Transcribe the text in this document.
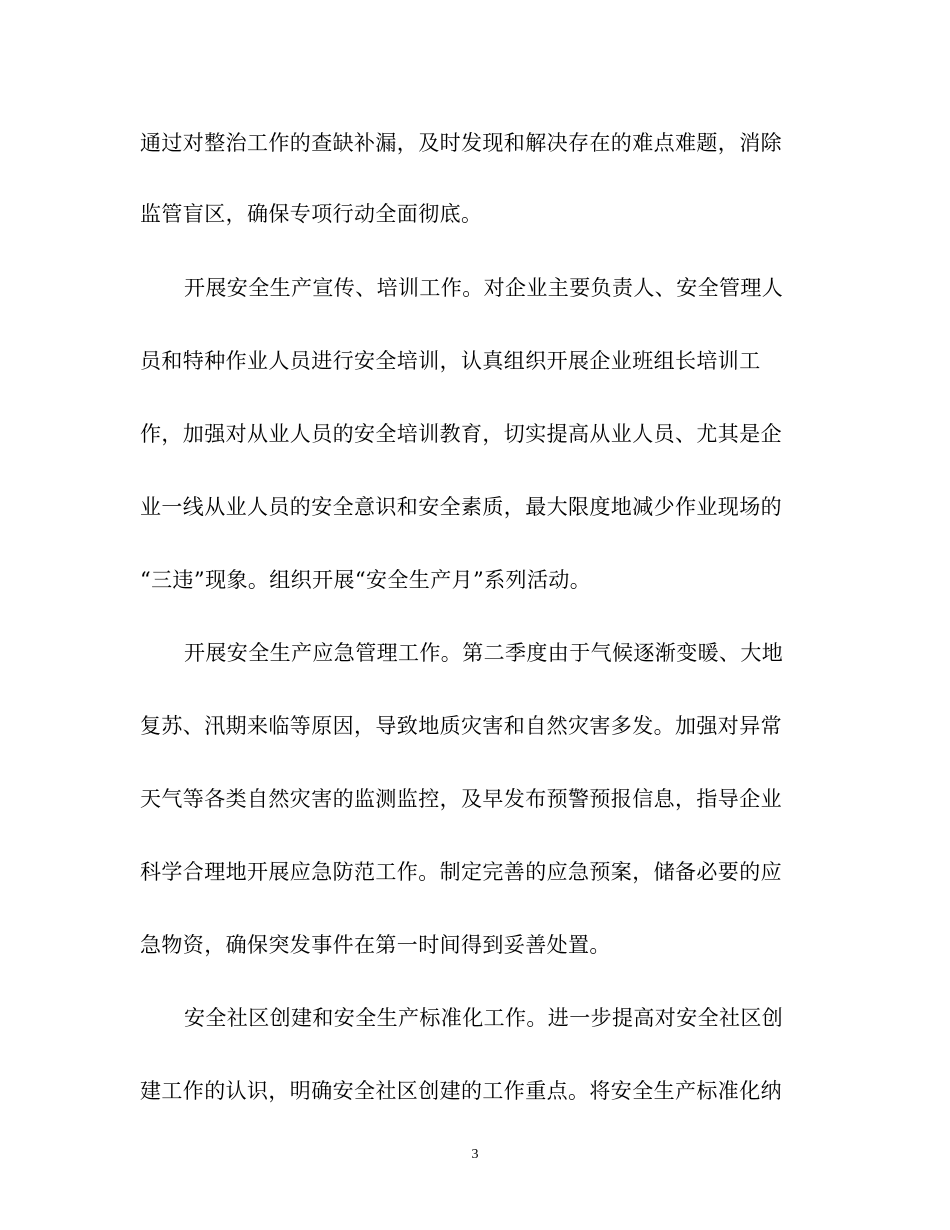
通过对整治工作的查缺补漏，及时发现和解决存在的难点难题，消除
监管盲区，确保专项行动全面彻底。
开展安全生产宣传、培训工作。对企业主要负责人、安全管理人
员和特种作业人员进行安全培训，认真组织开展企业班组长培训工
作，加强对从业人员的安全培训教育，切实提高从业人员、尤其是企
业一线从业人员的安全意识和安全素质，最大限度地减少作业现场的
“三违”现象。组织开展“安全生产月”系列活动。
开展安全生产应急管理工作。第二季度由于气候逐渐变暖、大地
复苏、汛期来临等原因，导致地质灾害和自然灾害多发。加强对异常
天气等各类自然灾害的监测监控，及早发布预警预报信息，指导企业
科学合理地开展应急防范工作。制定完善的应急预案，储备必要的应
急物资，确保突发事件在第一时间得到妥善处置。
安全社区创建和安全生产标准化工作。进一步提高对安全社区创
建工作的认识，明确安全社区创建的工作重点。将安全生产标准化纳
3
